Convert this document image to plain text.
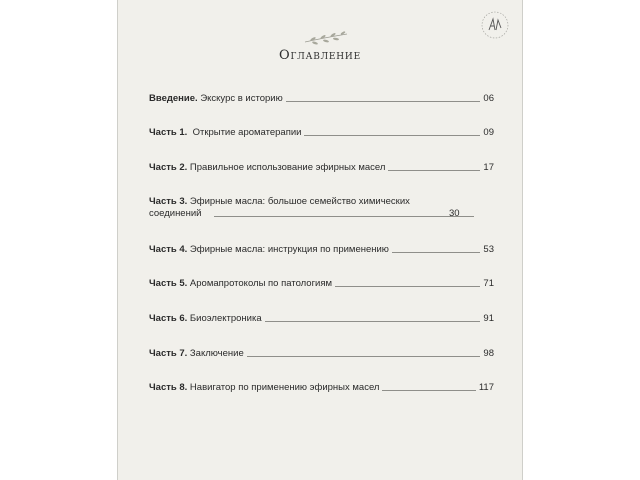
Оглавление
Введение. Экскурс в историю	06
Часть 1.  Открытие ароматерапии	09
Часть 2. Правильное использование эфирных масел	17
Часть 3. Эфирные масла: большое семейство химических
соединений	30
Часть 4. Эфирные масла: инструкция по применению	53
Часть 5. Аромапротоколы по патологиям	71
Часть 6. Биоэлектроника	91
Часть 7. Заключение	98
Часть 8. Навигатор по применению эфирных масел	117
